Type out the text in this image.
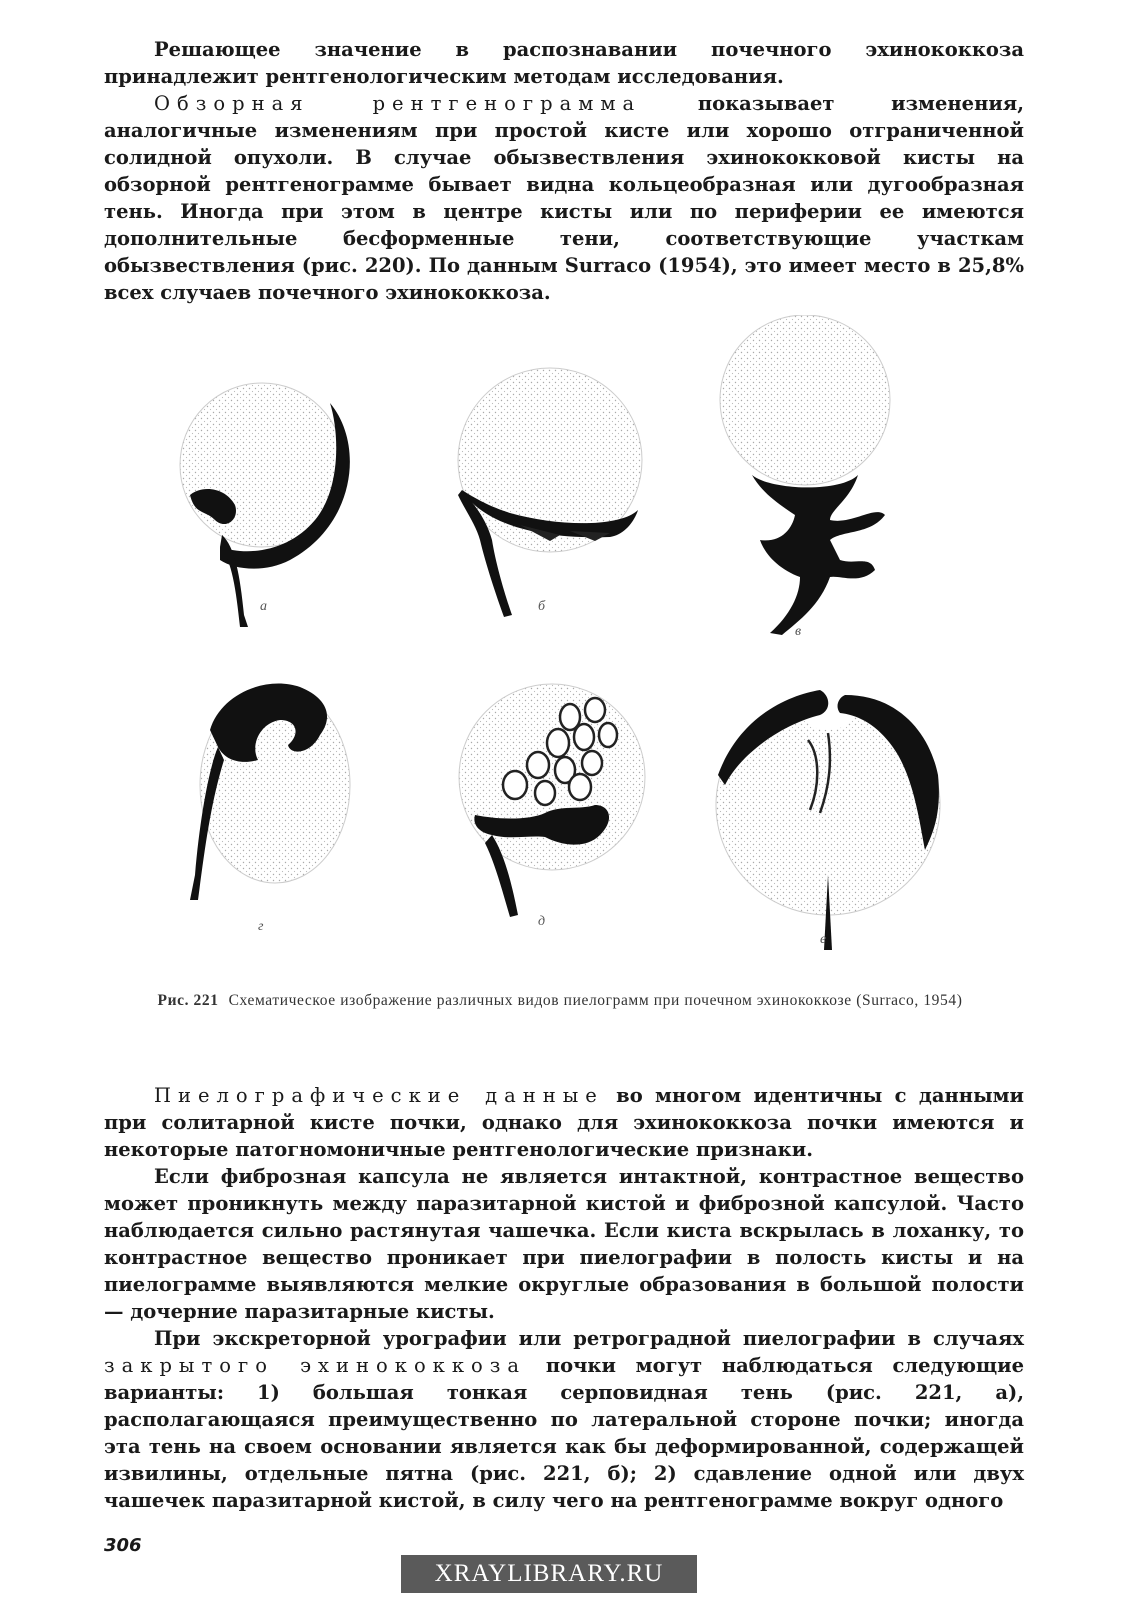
Решающее значение в распознавании почечного эхинококкоза принадлежит рентгенологическим методам исследования.

Обзорная рентгенограмма показывает изменения, аналогичные изменениям при простой кисте или хорошо отграниченной солидной опухоли. В случае обызвествления эхинококковой кисты на обзорной рентгенограмме бывает видна кольцеобразная или дугообразная тень. Иногда при этом в центре кисты или по периферии ее имеются дополнительные бесформенные тени, соответствующие участкам обызвествления (рис. 220). По данным Surraco (1954), это имеет место в 25,8% всех случаев почечного эхинококкоза.

а	б
в
г	д
е
Рис. 221 Схематическое изображение различных видов пиелограмм при почечном эхинококкозе (Surraco, 1954)

Пиелографические данные во многом идентичны с данными при солитарной кисте почки, однако для эхинококкоза почки имеются и некоторые патогномоничные рентгенологические признаки.

Если фиброзная капсула не является интактной, контрастное вещество может проникнуть между паразитарной кистой и фиброзной капсулой. Часто наблюдается сильно растянутая чашечка. Если киста вскрылась в лоханку, то контрастное вещество проникает при пиелографии в полость кисты и на пиелограмме выявляются мелкие округлые образования в большой полости — дочерние паразитарные кисты.

При экскреторной урографии или ретроградной пиелографии в случаях закрытого эхинококкоза почки могут наблюдаться следующие варианты: 1) большая тонкая серповидная тень (рис. 221, а), располагающаяся преимущественно по латеральной стороне почки; иногда эта тень на своем основании является как бы деформированной, содержащей извилины, отдельные пятна (рис. 221, б); 2) сдавление одной или двух чашечек паразитарной кистой, в силу чего на рентгенограмме вокруг одного

306
XRAYLIBRARY.RU
